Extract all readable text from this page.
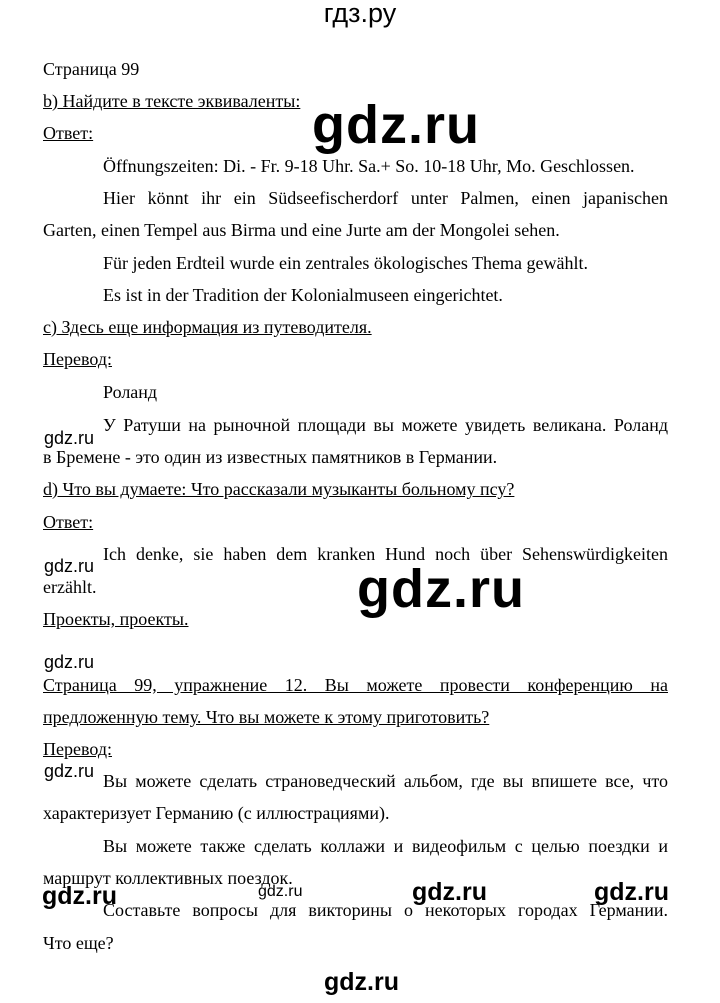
гдз.ру
gdz.ru
gdz.ru
gdz.ru	gdz.ru
gdz.ru
gdz.ru
gdz.ru	gdz.ru	gdz.ru	gdz.ru
gdz.ru
Страница 99
b) Найдите в тексте эквиваленты:
Ответ:
Öffnungszeiten: Di. - Fr. 9-18 Uhr. Sa.+ So. 10-18 Uhr, Mo. Geschlossen.
Hier könnt ihr ein Südseefischerdorf unter Palmen, einen japanischen
Garten, einen Tempel aus Birma und eine Jurte am der Mongolei sehen.
Für jeden Erdteil wurde ein zentrales ökologisches Thema gewählt.
Es ist in der Tradition der Kolonialmuseen eingerichtet.
c) Здесь еще информация из путеводителя.
Перевод:
Роланд
У Ратуши на рыночной площади вы можете увидеть великана. Роланд
в Бремене - это один из известных памятников в Германии.
d) Что вы думаете: Что рассказали музыканты больному псу?
Ответ:
Ich denke, sie haben dem kranken Hund noch über Sehenswürdigkeiten
erzählt.
Проекты, проекты.
Страница 99, упражнение 12. Вы можете провести конференцию на
предложенную тему. Что вы можете к этому приготовить?
Перевод:
Вы можете сделать страноведческий альбом, где вы впишете все, что
характеризует Германию (с иллюстрациями).
Вы можете также сделать коллажи и видеофильм с целью поездки и
маршрут коллективных поездок.
Составьте вопросы для викторины о некоторых городах Германии.
Что еще?
